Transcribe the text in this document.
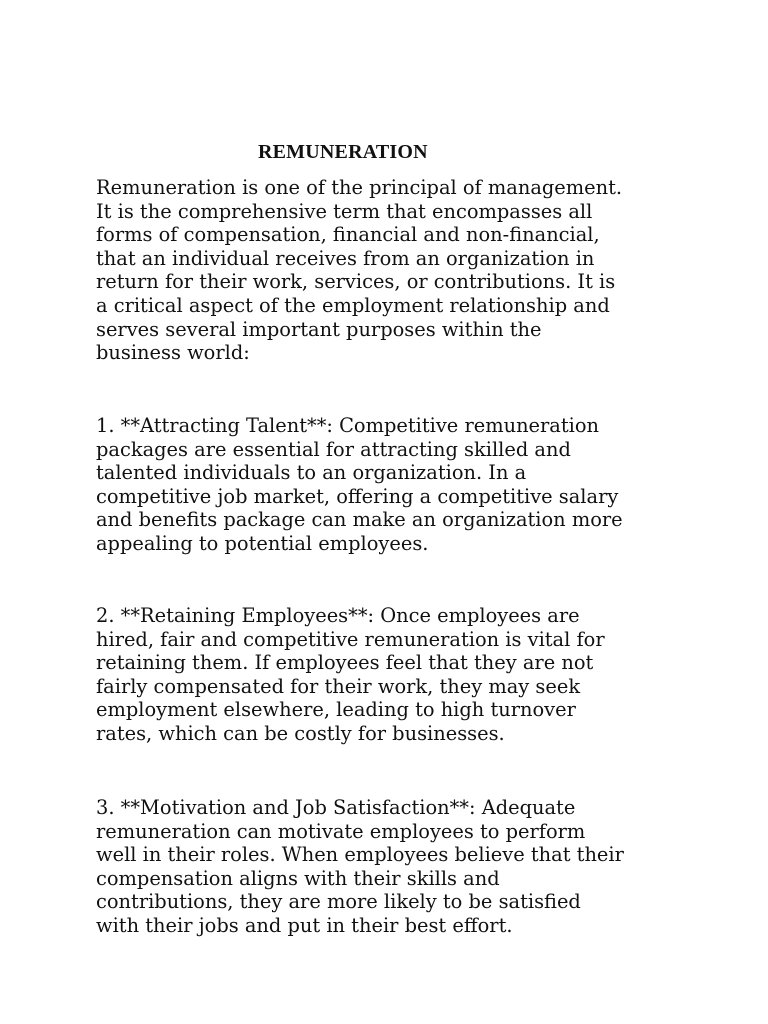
REMUNERATION

Remuneration is one of the principal of management.
It is the comprehensive term that encompasses all
forms of compensation, financial and non-financial,
that an individual receives from an organization in
return for their work, services, or contributions. It is
a critical aspect of the employment relationship and
serves several important purposes within the
business world:

1. **Attracting Talent**: Competitive remuneration
packages are essential for attracting skilled and
talented individuals to an organization. In a
competitive job market, offering a competitive salary
and benefits package can make an organization more
appealing to potential employees.

2. **Retaining Employees**: Once employees are
hired, fair and competitive remuneration is vital for
retaining them. If employees feel that they are not
fairly compensated for their work, they may seek
employment elsewhere, leading to high turnover
rates, which can be costly for businesses.

3. **Motivation and Job Satisfaction**: Adequate
remuneration can motivate employees to perform
well in their roles. When employees believe that their
compensation aligns with their skills and
contributions, they are more likely to be satisfied
with their jobs and put in their best effort.
